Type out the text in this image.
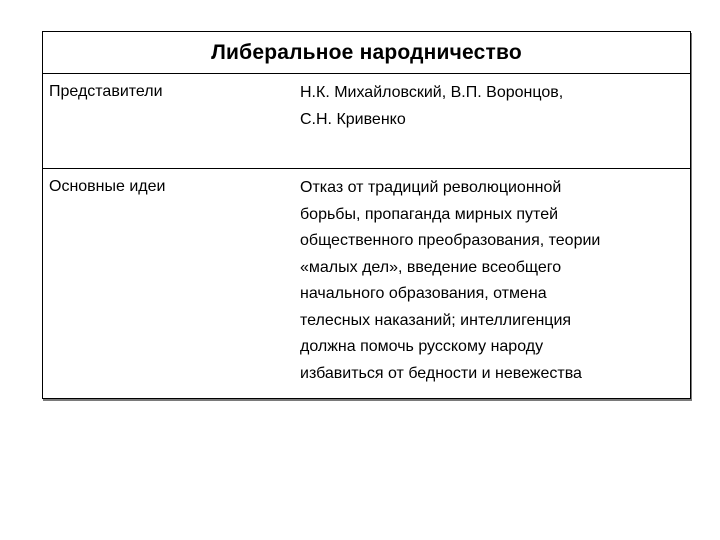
Либеральное народничество
Представители	Н.К. Михайловский, В.П. Воронцов,
С.Н. Кривенко
Основные идеи	Отказ от традиций революционной
борьбы, пропаганда мирных путей
общественного преобразования, теории
«малых дел», введение всеобщего
начального образования, отмена
телесных наказаний; интеллигенция
должна помочь русскому народу
избавиться от бедности и невежества
